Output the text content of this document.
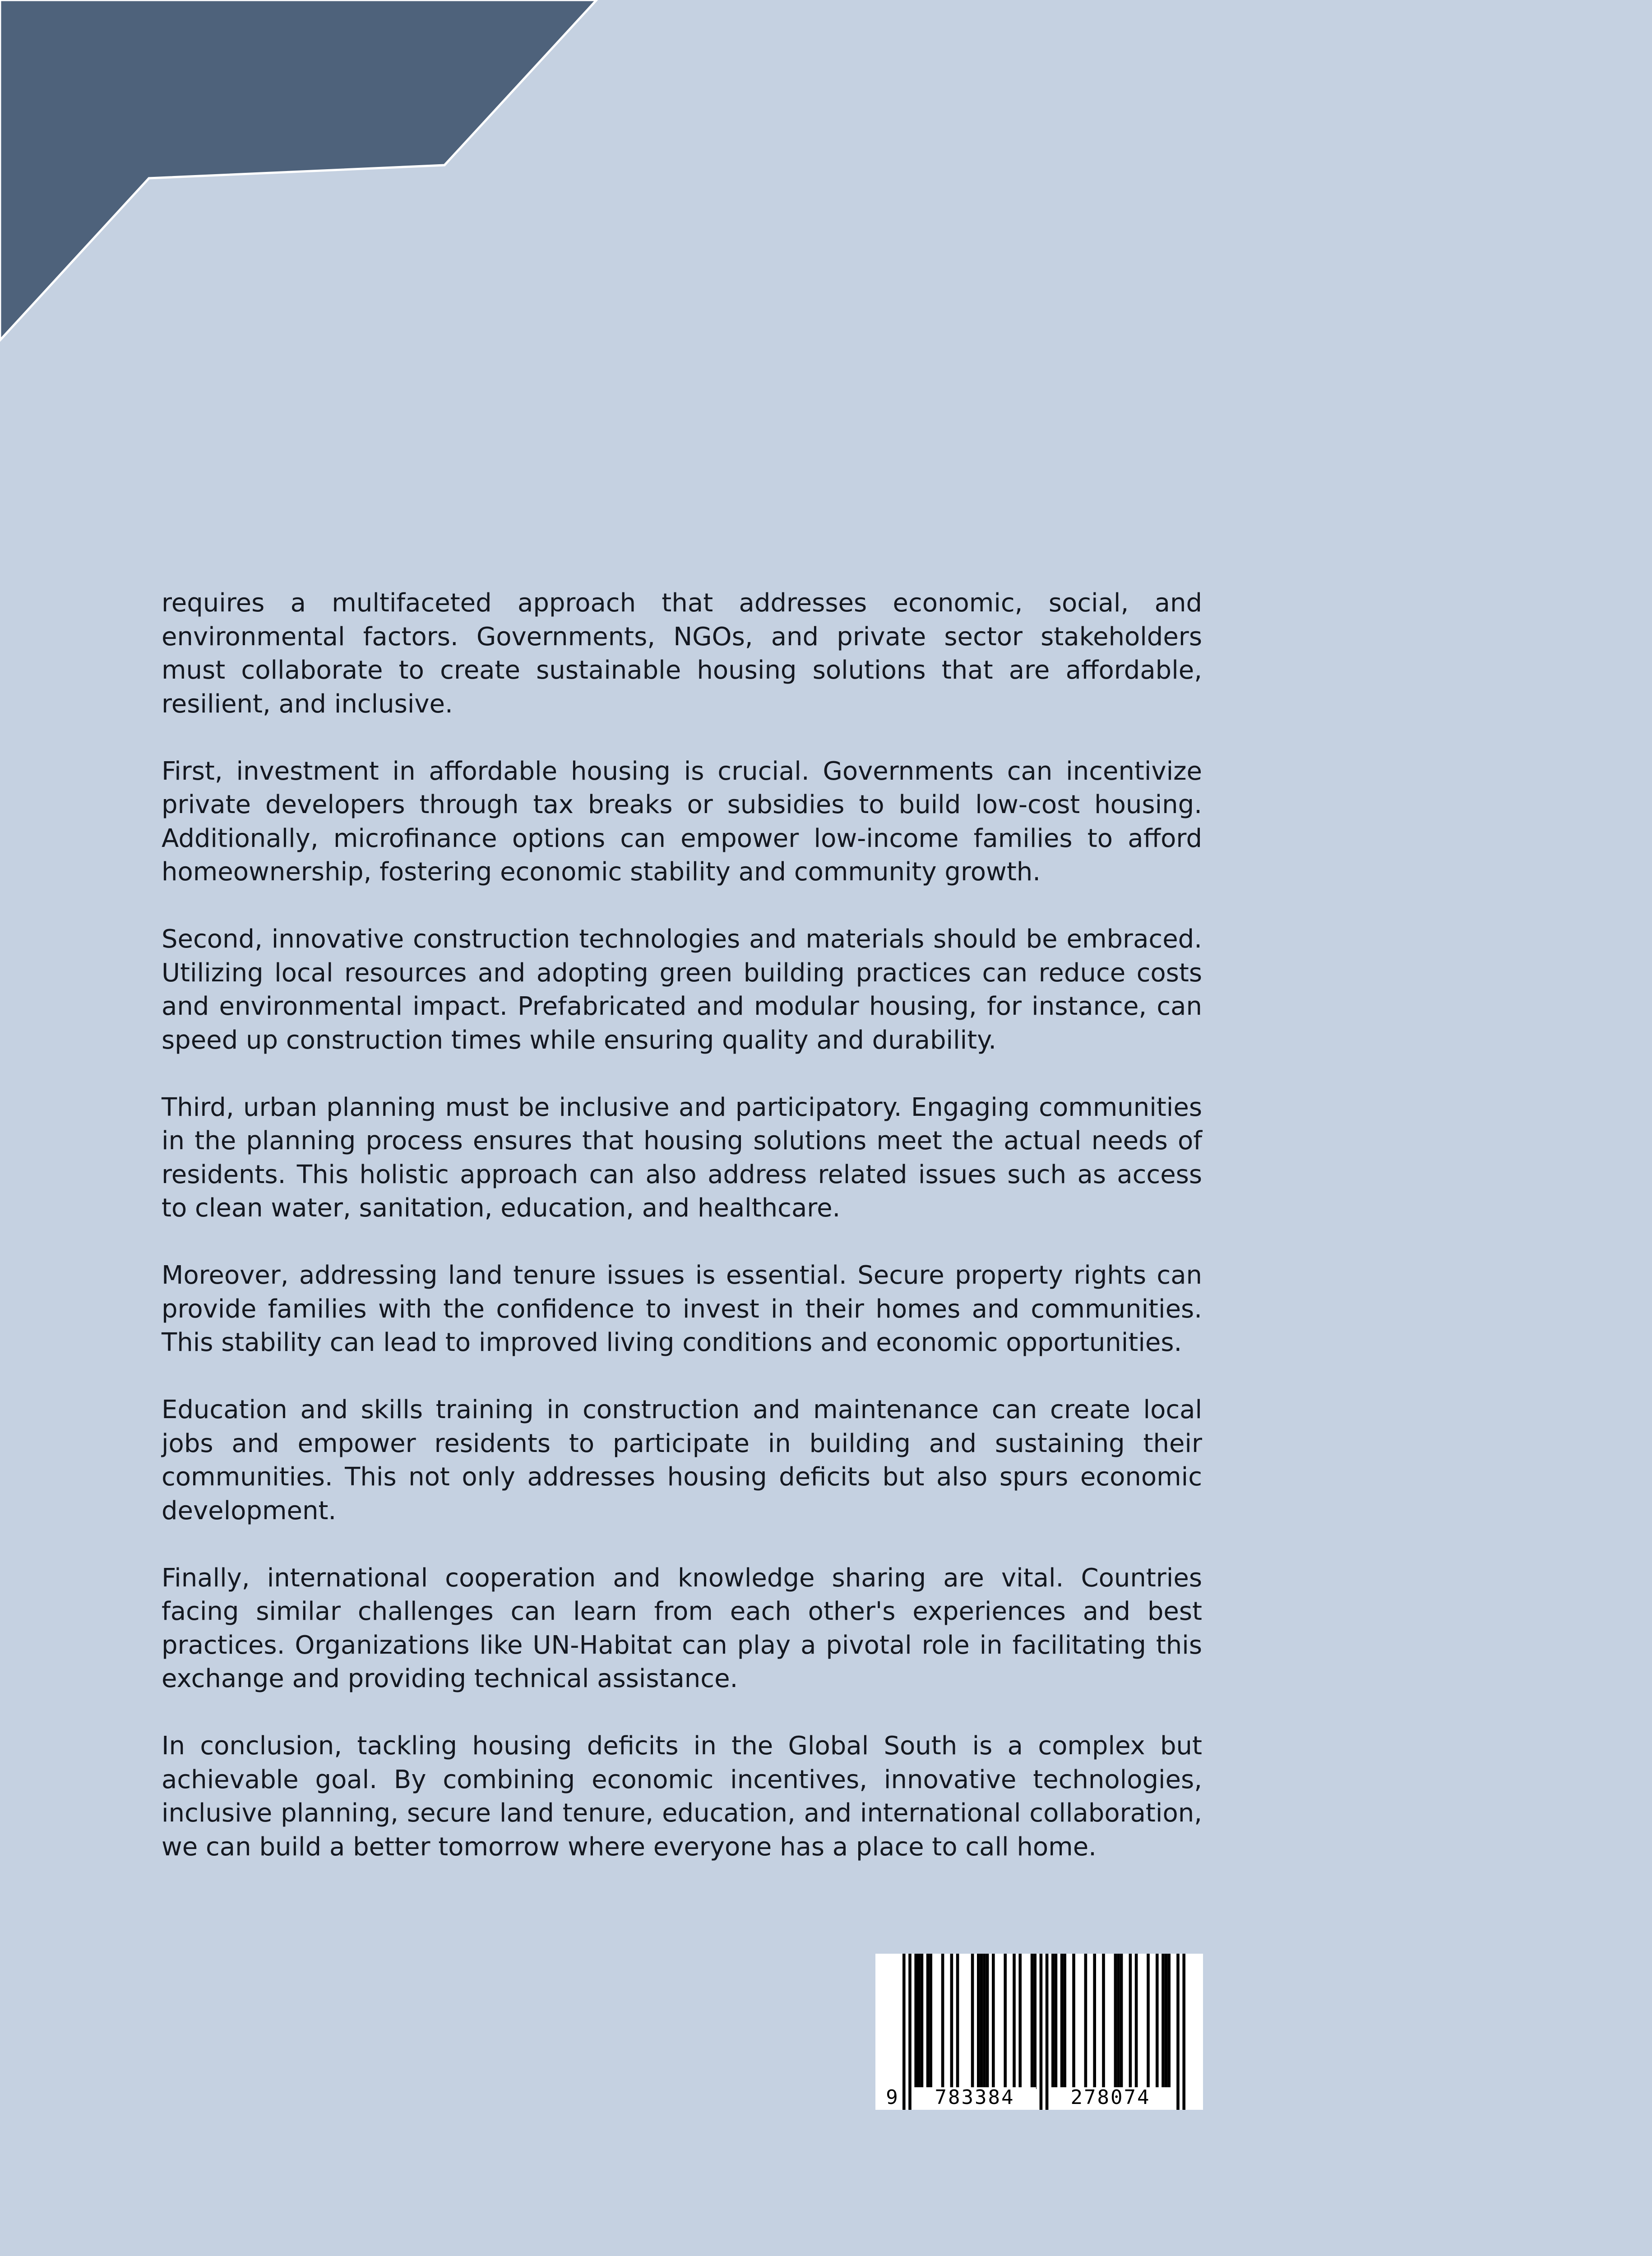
requires a multifaceted approach that addresses economic, social, and environmental factors. Governments, NGOs, and private sector stakeholders must collaborate to create sustainable housing solutions that are affordable, resilient, and inclusive.

First, investment in affordable housing is crucial. Governments can incentivize private developers through tax breaks or subsidies to build low-cost housing. Additionally, microfinance options can empower low-income families to afford homeownership, fostering economic stability and community growth.

Second, innovative construction technologies and materials should be embraced. Utilizing local resources and adopting green building practices can reduce costs and environmental impact. Prefabricated and modular housing, for instance, can speed up construction times while ensuring quality and durability.

Third, urban planning must be inclusive and participatory. Engaging communities in the planning process ensures that housing solutions meet the actual needs of residents. This holistic approach can also address related issues such as access to clean water, sanitation, education, and healthcare.

Moreover, addressing land tenure issues is essential. Secure property rights can provide families with the confidence to invest in their homes and communities. This stability can lead to improved living conditions and economic opportunities.

Education and skills training in construction and maintenance can create local jobs and empower residents to participate in building and sustaining their communities. This not only addresses housing deficits but also spurs economic development.

Finally, international cooperation and knowledge sharing are vital. Countries facing similar challenges can learn from each other's experiences and best practices. Organizations like UN-Habitat can play a pivotal role in facilitating this exchange and providing technical assistance.

In conclusion, tackling housing deficits in the Global South is a complex but achievable goal. By combining economic incentives, innovative technologies, inclusive planning, secure land tenure, education, and international collaboration, we can build a better tomorrow where everyone has a place to call home.

9	783384	278074
